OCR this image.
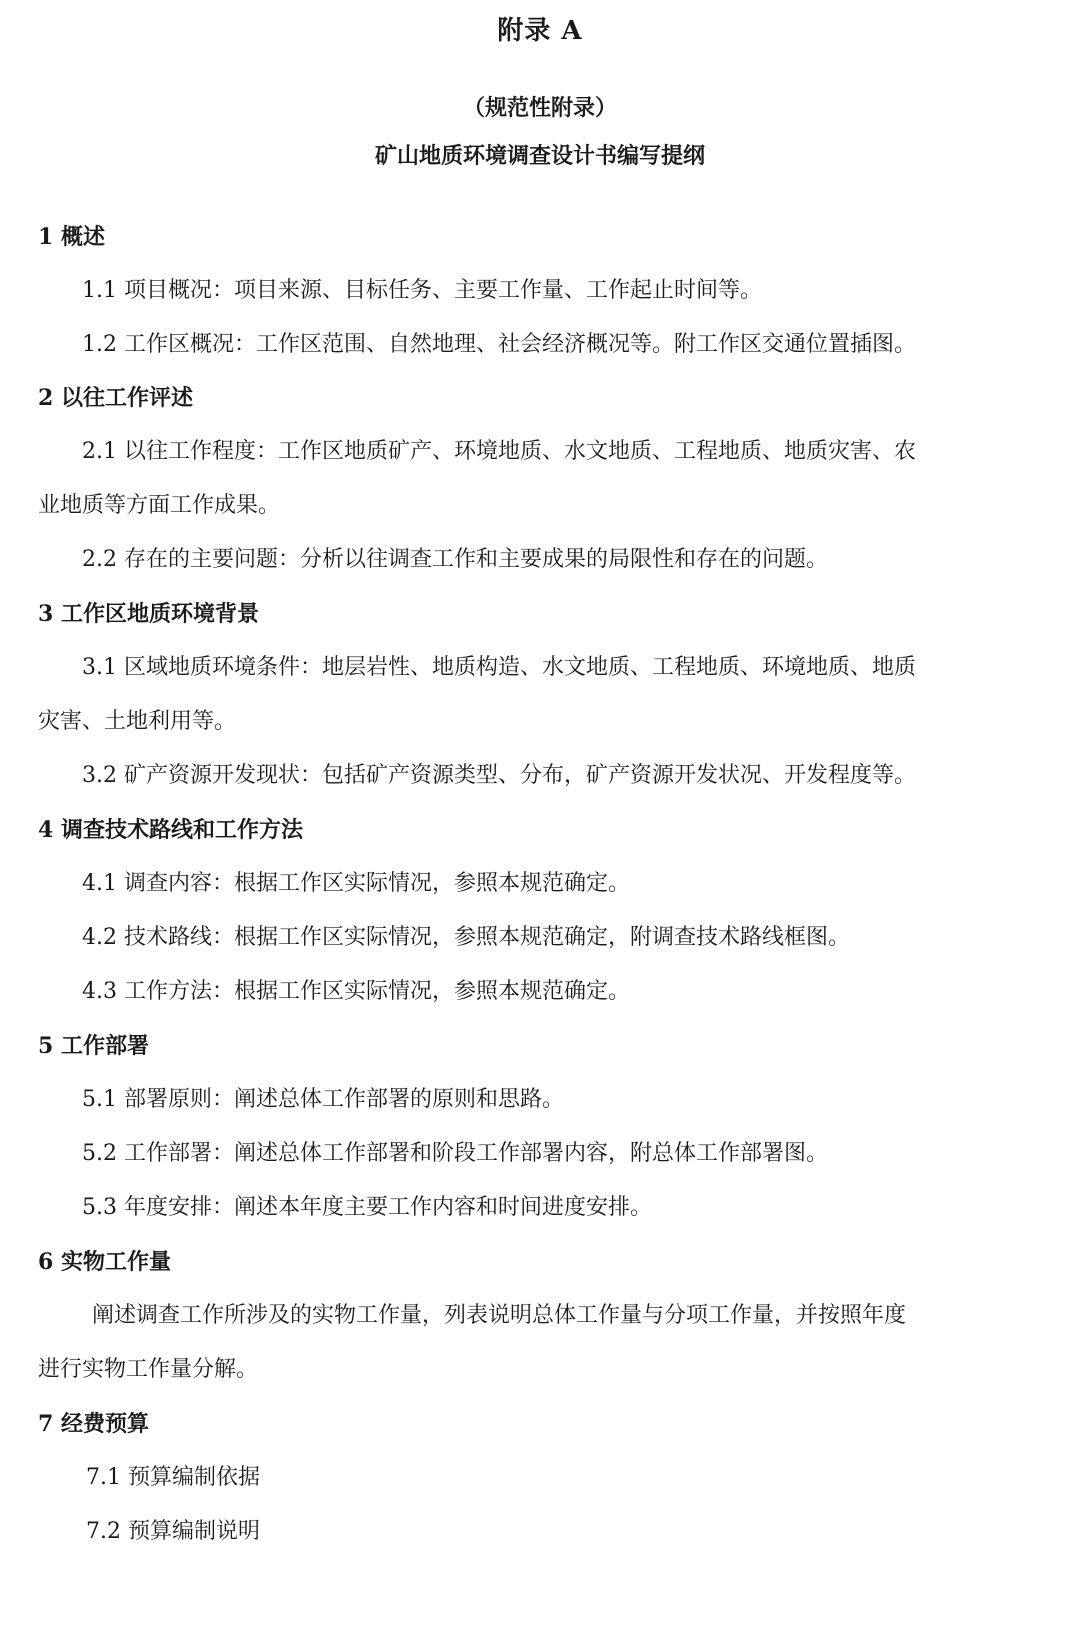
附录 A
（规范性附录）
矿山地质环境调查设计书编写提纲
1 概述
1.1 项目概况：项目来源、目标任务、主要工作量、工作起止时间等。
1.2 工作区概况：工作区范围、自然地理、社会经济概况等。附工作区交通位置插图。
2 以往工作评述
2.1 以往工作程度：工作区地质矿产、环境地质、水文地质、工程地质、地质灾害、农
业地质等方面工作成果。
2.2 存在的主要问题：分析以往调查工作和主要成果的局限性和存在的问题。
3 工作区地质环境背景
3.1 区域地质环境条件：地层岩性、地质构造、水文地质、工程地质、环境地质、地质
灾害、土地利用等。
3.2 矿产资源开发现状：包括矿产资源类型、分布，矿产资源开发状况、开发程度等。
4 调查技术路线和工作方法
4.1 调查内容：根据工作区实际情况，参照本规范确定。
4.2 技术路线：根据工作区实际情况，参照本规范确定，附调查技术路线框图。
4.3 工作方法：根据工作区实际情况，参照本规范确定。
5 工作部署
5.1 部署原则：阐述总体工作部署的原则和思路。
5.2 工作部署：阐述总体工作部署和阶段工作部署内容，附总体工作部署图。
5.3 年度安排：阐述本年度主要工作内容和时间进度安排。
6 实物工作量
阐述调查工作所涉及的实物工作量，列表说明总体工作量与分项工作量，并按照年度
进行实物工作量分解。
7 经费预算
7.1 预算编制依据
7.2 预算编制说明
